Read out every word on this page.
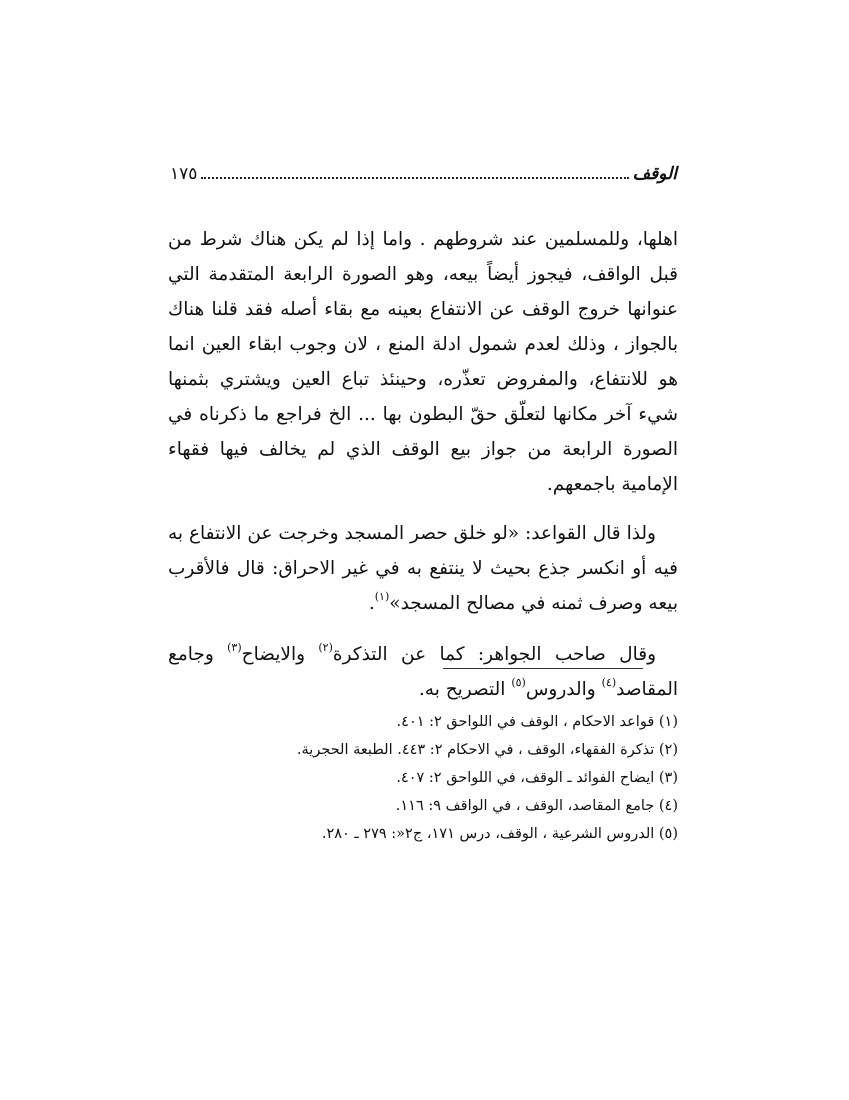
الوقف
١٧٥

اهلها، وللمسلمين عند شروطهم . واما إذا لم يكن هناك شرط من قبل الواقف، فيجوز أيضاً بيعه، وهو الصورة الرابعة المتقدمة التي عنوانها خروج الوقف عن الانتفاع بعينه مع بقاء أصله فقد قلنا هناك بالجواز ، وذلك لعدم شمول ادلة المنع ، لان وجوب ابقاء العين انما هو للانتفاع، والمفروض تعذّره، وحينئذ تباع العين ويشتري بثمنها شيء آخر مكانها لتعلّق حقّ البطون بها ... الخ فراجع ما ذكرناه في الصورة الرابعة من جواز بيع الوقف الذي لم يخالف فيها فقهاء الإمامية باجمعهم.

ولذا قال القواعد: «لو خلق حصر المسجد وخرجت عن الانتفاع به فيه أو انكسر جذع بحيث لا ينتفع به في غير الاحراق: قال فالأقرب بيعه وصرف ثمنه في مصالح المسجد»$^{(١)}$.

وقال صاحب الجواهر: كما عن التذكرة$^{(٢)}$ والايضاح$^{(٣)}$ وجامع المقاصد$^{(٤)}$ والدروس$^{(٥)}$ التصريح به.

(١) قواعد الاحكام ، الوقف في اللواحق ٢: ٤٠١.

(٢) تذكرة الفقهاء، الوقف ، في الاحكام ٢: ٤٤٣. الطبعة الحجرية.

(٣) ايضاح الفوائد ـ الوقف، في اللواحق ٢: ٤٠٧.

(٤) جامع المقاصد، الوقف ، في الواقف ٩: ١١٦.

(٥) الدروس الشرعية ، الوقف، درس ١٧١، ج٢«: ٢٧٩ ـ ٢٨٠.
